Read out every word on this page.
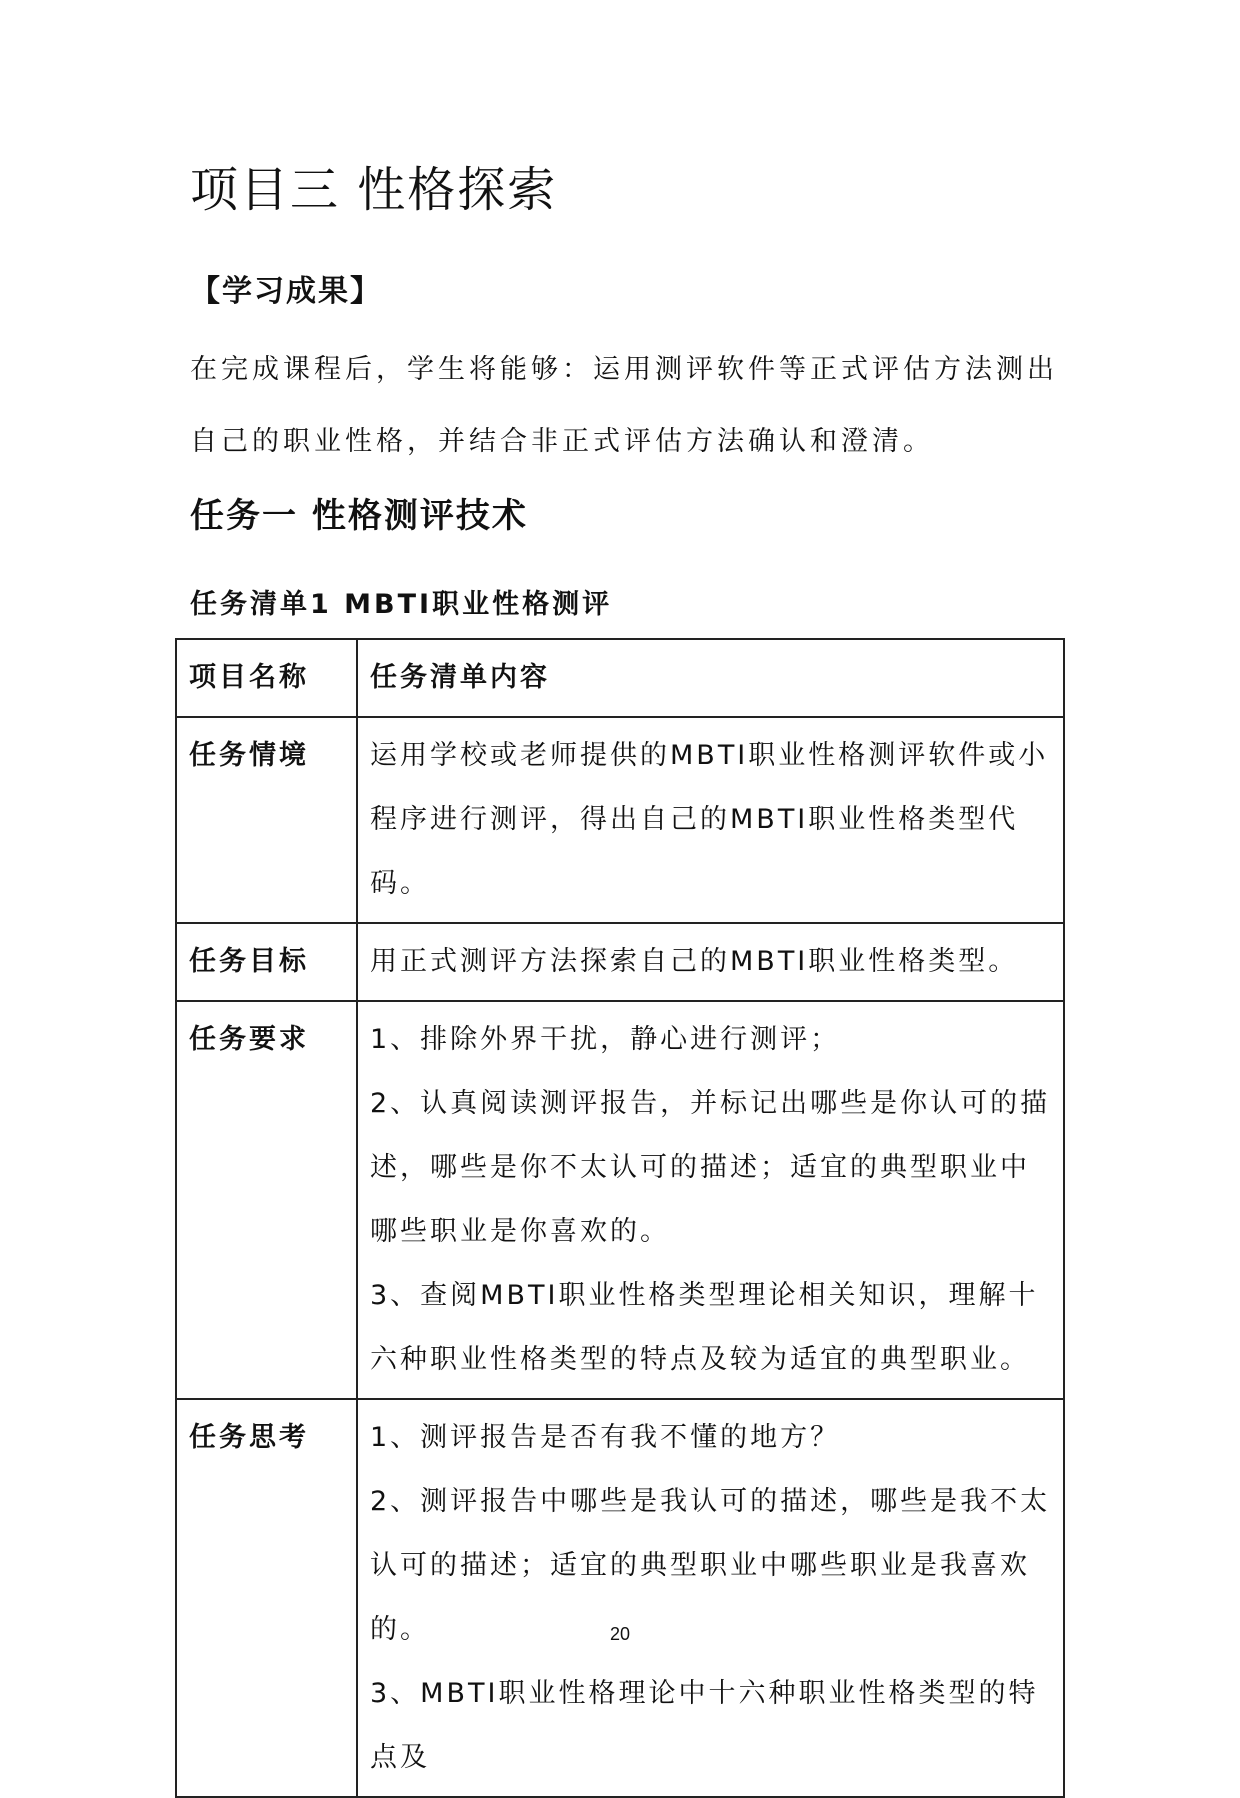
项目三 性格探索
【学习成果】
在完成课程后，学生将能够：运用测评软件等正式评估方法测出自己的职业性格，并结合非正式评估方法确认和澄清。
任务一 性格测评技术
任务清单1 MBTI职业性格测评
项目名称	任务清单内容
任务情境	运用学校或老师提供的MBTI职业性格测评软件或小程序进行测评，得出自己的MBTI职业性格类型代码。

任务目标	用正式测评方法探索自己的MBTI职业性格类型。

任务要求	1、排除外界干扰，静心进行测评；
2、认真阅读测评报告，并标记出哪些是你认可的描述，哪些是你不太认可的描述；适宜的典型职业中哪些职业是你喜欢的。
3、查阅MBTI职业性格类型理论相关知识，理解十六种职业性格类型的特点及较为适宜的典型职业。

任务思考	1、测评报告是否有我不懂的地方？
2、测评报告中哪些是我认可的描述，哪些是我不太认可的描述；适宜的典型职业中哪些职业是我喜欢的。
3、MBTI职业性格理论中十六种职业性格类型的特点及
20
